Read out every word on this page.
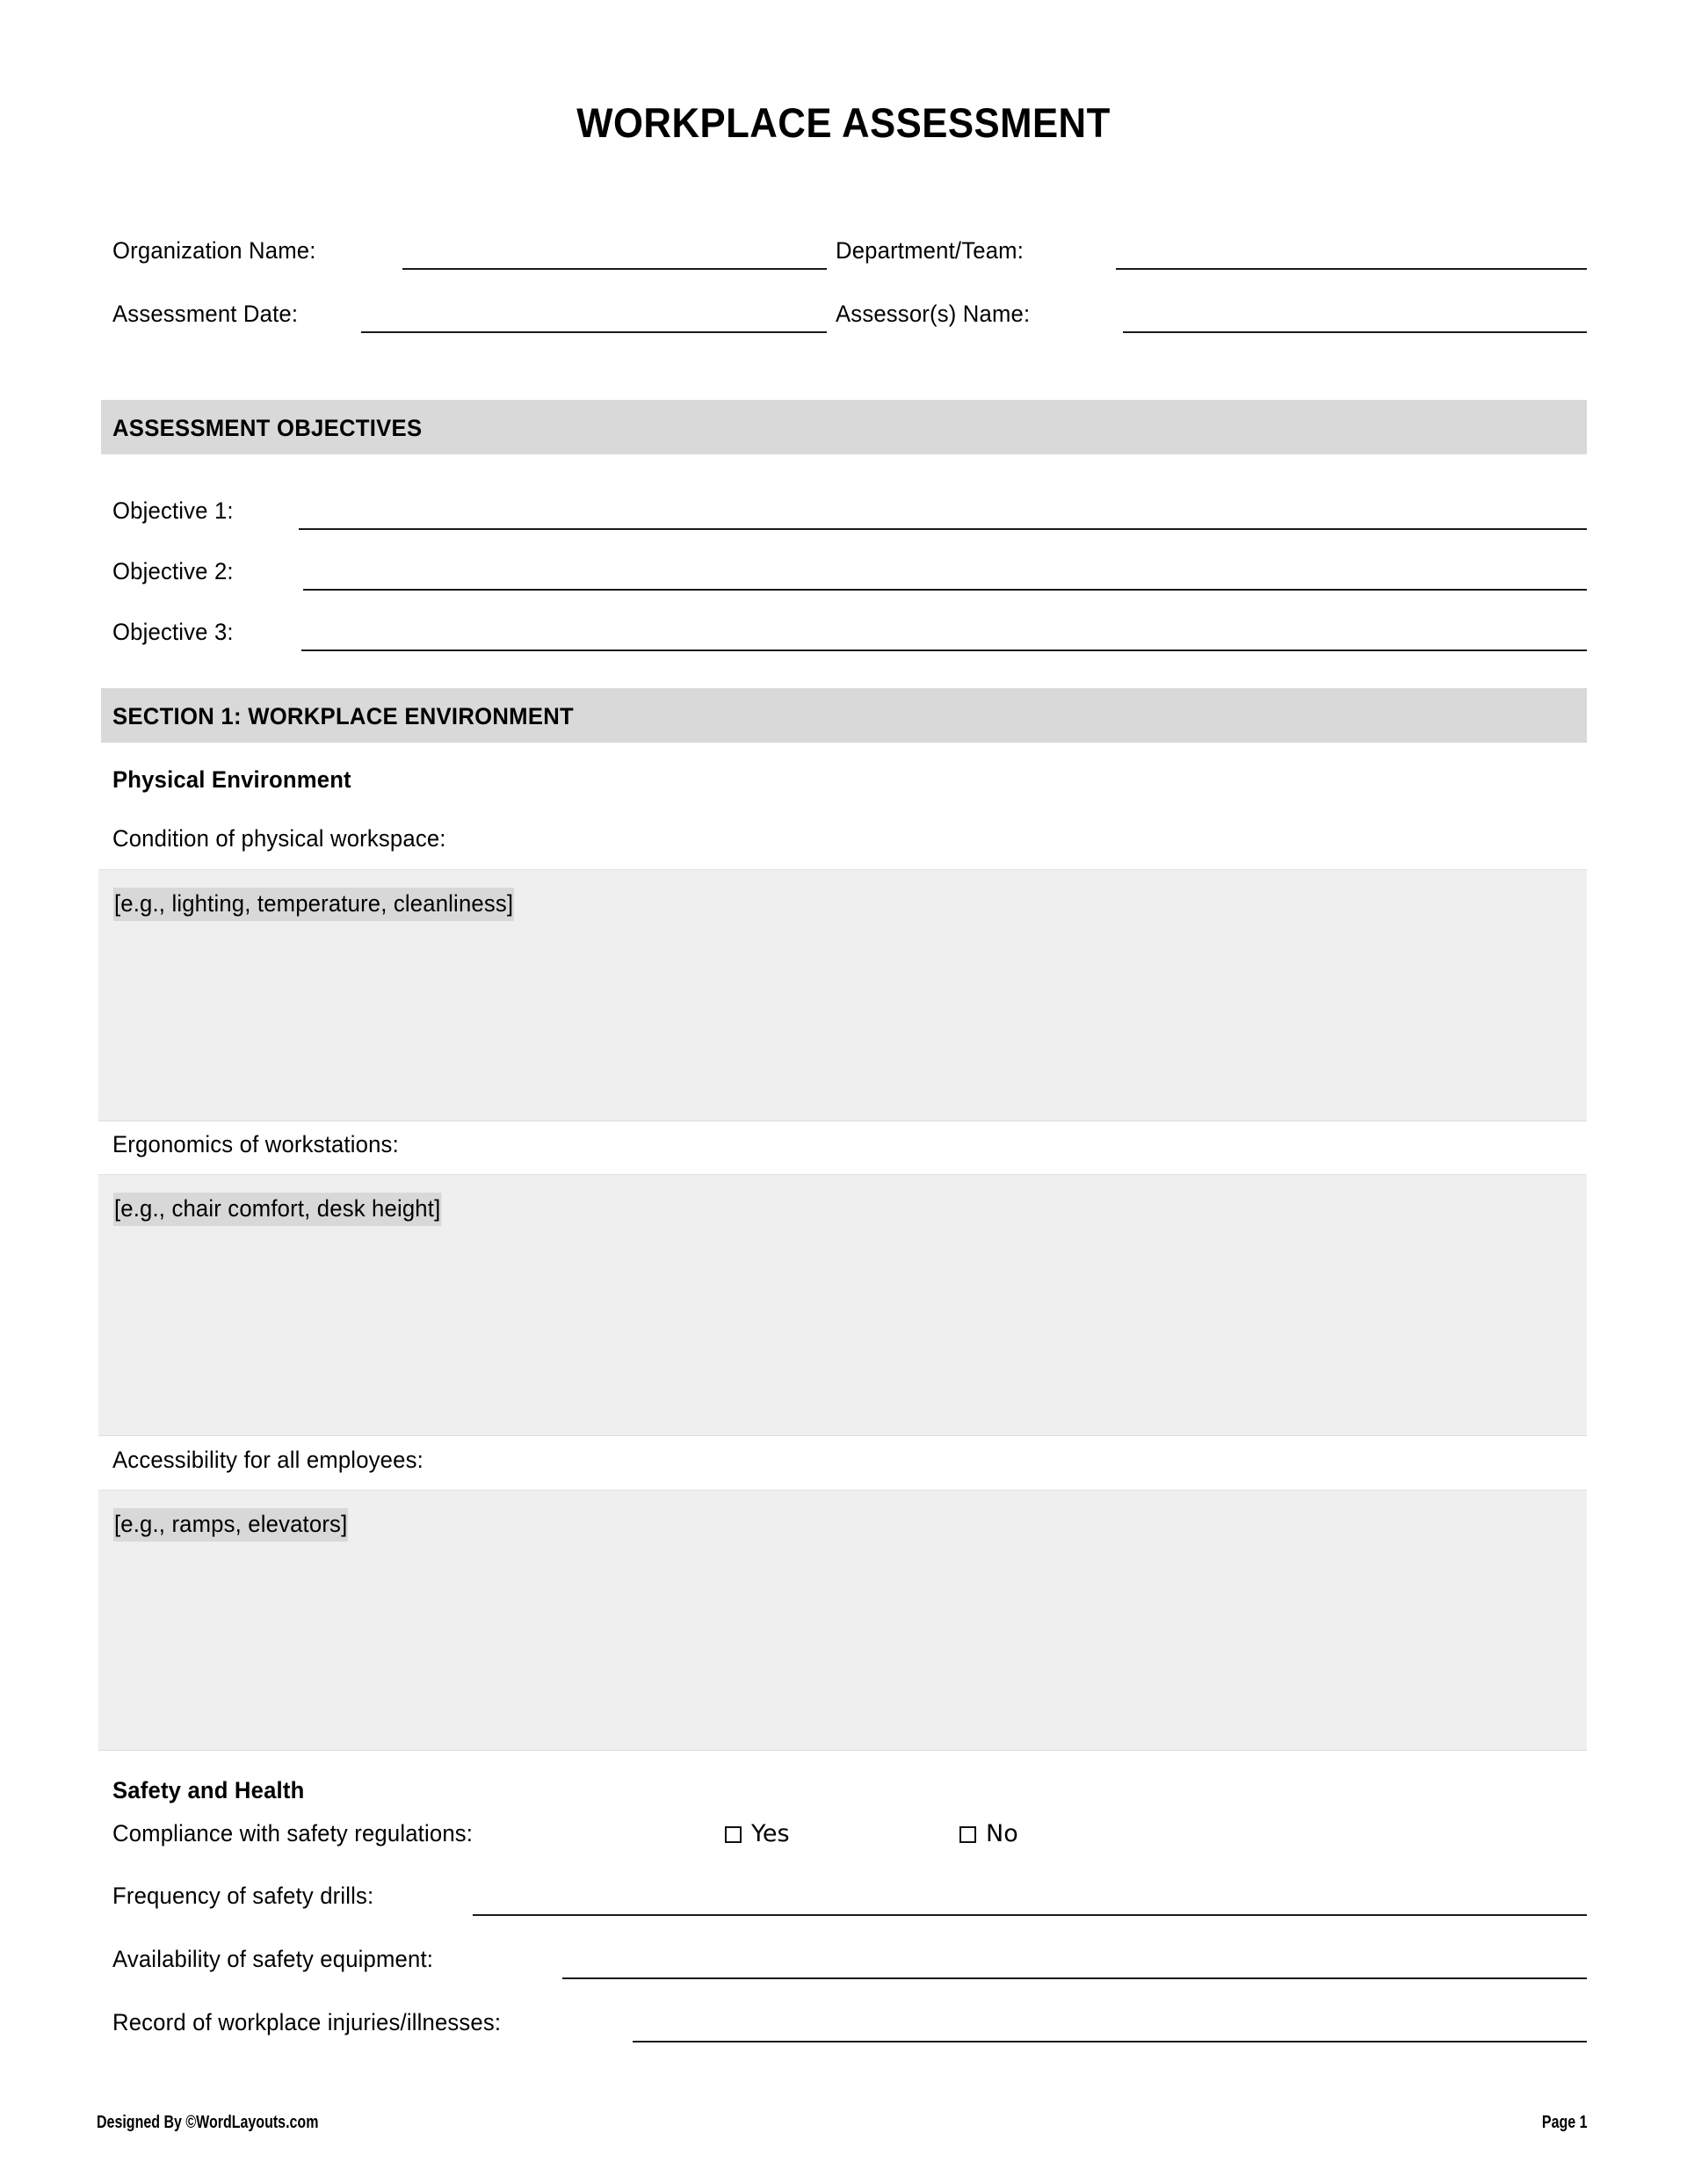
WORKPLACE ASSESSMENT
Organization Name:	Department/Team:
Assessment Date:	Assessor(s) Name:
ASSESSMENT OBJECTIVES
Objective 1:
Objective 2:
Objective 3:
SECTION 1: WORKPLACE ENVIRONMENT
Physical Environment
Condition of physical workspace:
[e.g., lighting, temperature, cleanliness]
Ergonomics of workstations:
[e.g., chair comfort, desk height]
Accessibility for all employees:
[e.g., ramps, elevators]
Safety and Health
Compliance with safety regulations:	Yes	No
Frequency of safety drills:
Availability of safety equipment:
Record of workplace injuries/illnesses:
Designed By ©WordLayouts.com	Page 1
